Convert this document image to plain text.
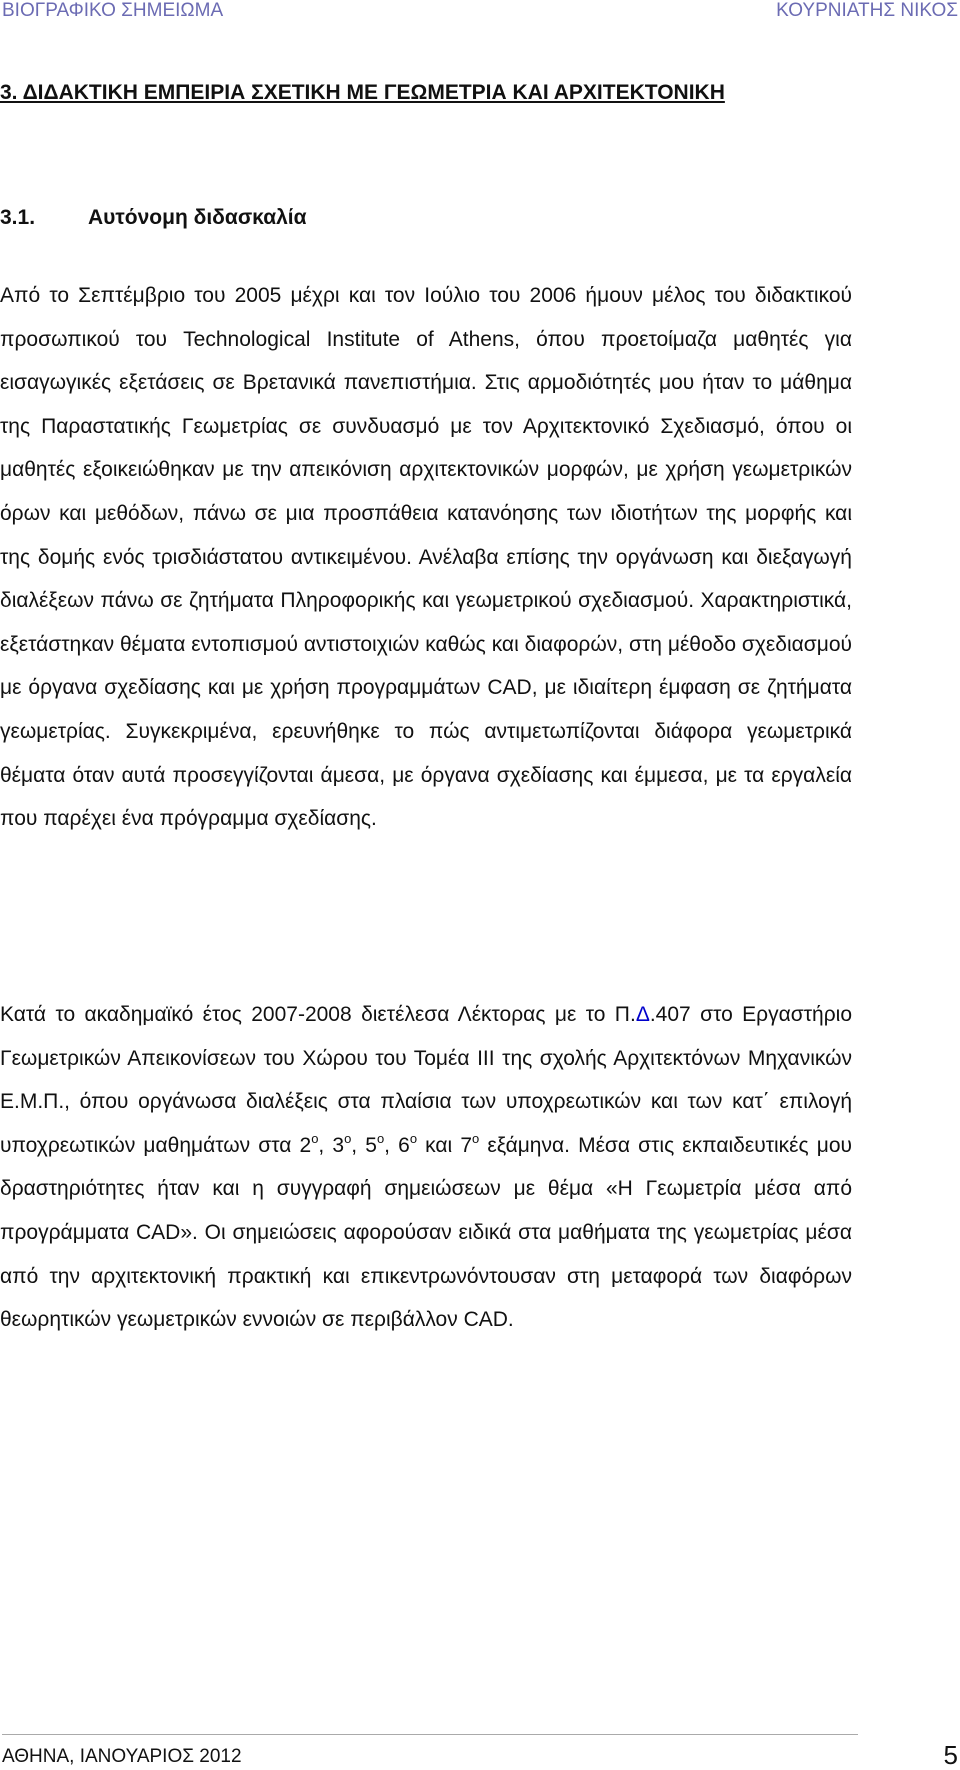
ΒΙΟΓΡΑΦΙΚΟ ΣΗΜΕΙΩΜΑ	ΚΟΥΡΝΙΑΤΗΣ ΝΙΚΟΣ
3. ΔΙΔΑΚΤΙΚΗ ΕΜΠΕΙΡΙΑ ΣΧΕΤΙΚΗ ΜΕ ΓΕΩΜΕΤΡΙΑ ΚΑΙ ΑΡΧΙΤΕΚΤΟΝΙΚΗ
3.1.	Αυτόνομη διδασκαλία

Από το Σεπτέμβριο του 2005 μέχρι και τον Ιούλιο του 2006 ήμουν μέλος του διδακτικού προσωπικού του Technological Institute of Athens, όπου προετοίμαζα μαθητές για εισαγωγικές εξετάσεις σε Βρετανικά πανεπιστήμια. Στις αρμοδιότητές μου ήταν το μάθημα της Παραστατικής Γεωμετρίας σε συνδυασμό με τον Αρχιτεκτονικό Σχεδιασμό, όπου οι μαθητές εξοικειώθηκαν με την απεικόνιση αρχιτεκτονικών μορφών, με χρήση γεωμετρικών όρων και μεθόδων, πάνω σε μια προσπάθεια κατανόησης των ιδιοτήτων της μορφής και της δομής ενός τρισδιάστατου αντικειμένου. Ανέλαβα επίσης την οργάνωση και διεξαγωγή διαλέξεων πάνω σε ζητήματα Πληροφορικής και γεωμετρικού σχεδιασμού. Χαρακτηριστικά, εξετάστηκαν θέματα εντοπισμού αντιστοιχιών καθώς και διαφορών, στη μέθοδο σχεδιασμού με όργανα σχεδίασης και με χρήση προγραμμάτων CAD, με ιδιαίτερη έμφαση σε ζητήματα γεωμετρίας. Συγκεκριμένα, ερευνήθηκε το πώς αντιμετωπίζονται διάφορα γεωμετρικά θέματα όταν αυτά προσεγγίζονται άμεσα, με όργανα σχεδίασης και έμμεσα, με τα εργαλεία που παρέχει ένα πρόγραμμα σχεδίασης.

Κατά το ακαδημαϊκό έτος 2007-2008 διετέλεσα Λέκτορας με το Π.Δ.407 στο Εργαστήριο Γεωμετρικών Απεικονίσεων του Χώρου του Τομέα ΙΙΙ της σχολής Αρχιτεκτόνων Μηχανικών Ε.Μ.Π., όπου οργάνωσα διαλέξεις στα πλαίσια των υποχρεωτικών και των κατ΄ επιλογή υποχρεωτικών μαθημάτων στα $2^o$, $3^o$, $5^o$, $6^o$ και $7^o$ εξάμηνα. Μέσα στις εκπαιδευτικές μου δραστηριότητες ήταν και η συγγραφή σημειώσεων με θέμα «Η Γεωμετρία μέσα από προγράμματα CAD». Οι σημειώσεις αφορούσαν ειδικά στα μαθήματα της γεωμετρίας μέσα από την αρχιτεκτονική πρακτική και επικεντρωνόντουσαν στη μεταφορά των διαφόρων θεωρητικών γεωμετρικών εννοιών σε περιβάλλον CAD.

ΑΘΗΝΑ, ΙΑΝΟΥΑΡΙΟΣ 2012	5
